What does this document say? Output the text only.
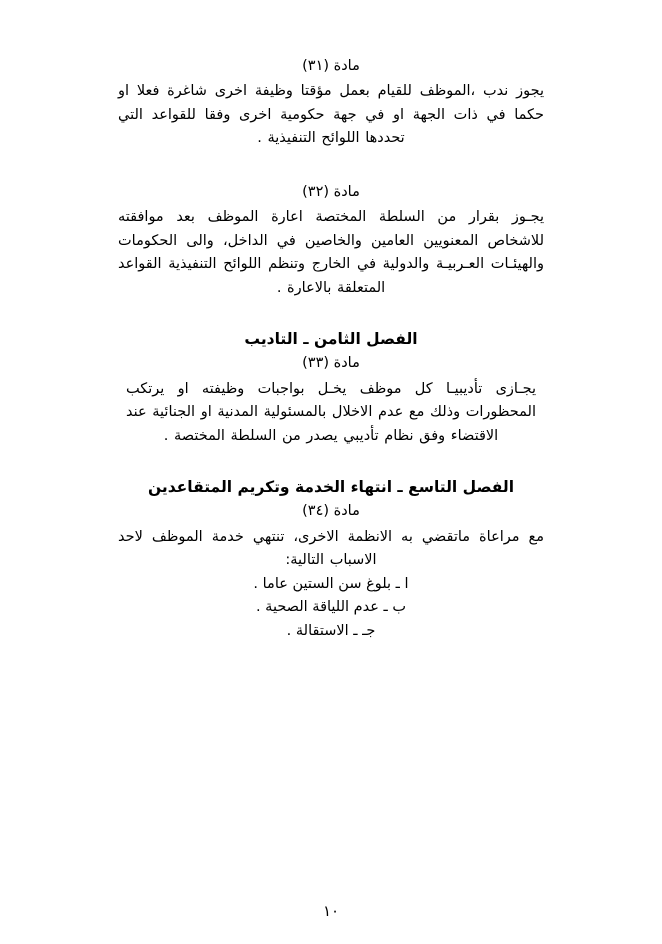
مادة (٣١)

يجوز ندب ،الموظف للقيام بعمل مؤقتا وظيفة اخرى شاغرة فعلا او حكما في ذات الجهة او في جهة حكومية اخرى وفقا للقواعد التي تحددها اللوائح التنفيذية .

مادة (٣٢)

يجـوز بقرار من السلطة المختصة اعارة الموظف بعد موافقته للاشخاص المعنويين العامين والخاصين في الداخل، والى الحكومات والهيئـات العـربيـة والدولية في الخارج وتنظم اللوائح التنفيذية القواعد المتعلقة بالاعارة .

الفصل الثامن ـ التاديب

مادة (٣٣)

يجـازى تأديبيـا كل موظف يخـل بواجبات وظيفته او يرتكب المحظورات وذلك مع عدم الاخلال بالمسئولية المدنية او الجنائية عند الاقتضاء وفق نظام تأديبي يصدر من السلطة المختصة .

الفصل التاسع ـ انتهاء الخدمة وتكريم المتقاعدين

مادة (٣٤)

مع مراعاة ماتقضي به الانظمة الاخرى، تنتهي خدمة الموظف لاحد الاسباب التالية:

ا ـ بلوغ سن الستين عاما .
ب ـ عدم اللياقة الصحية .
جـ ـ الاستقالة .
١٠
